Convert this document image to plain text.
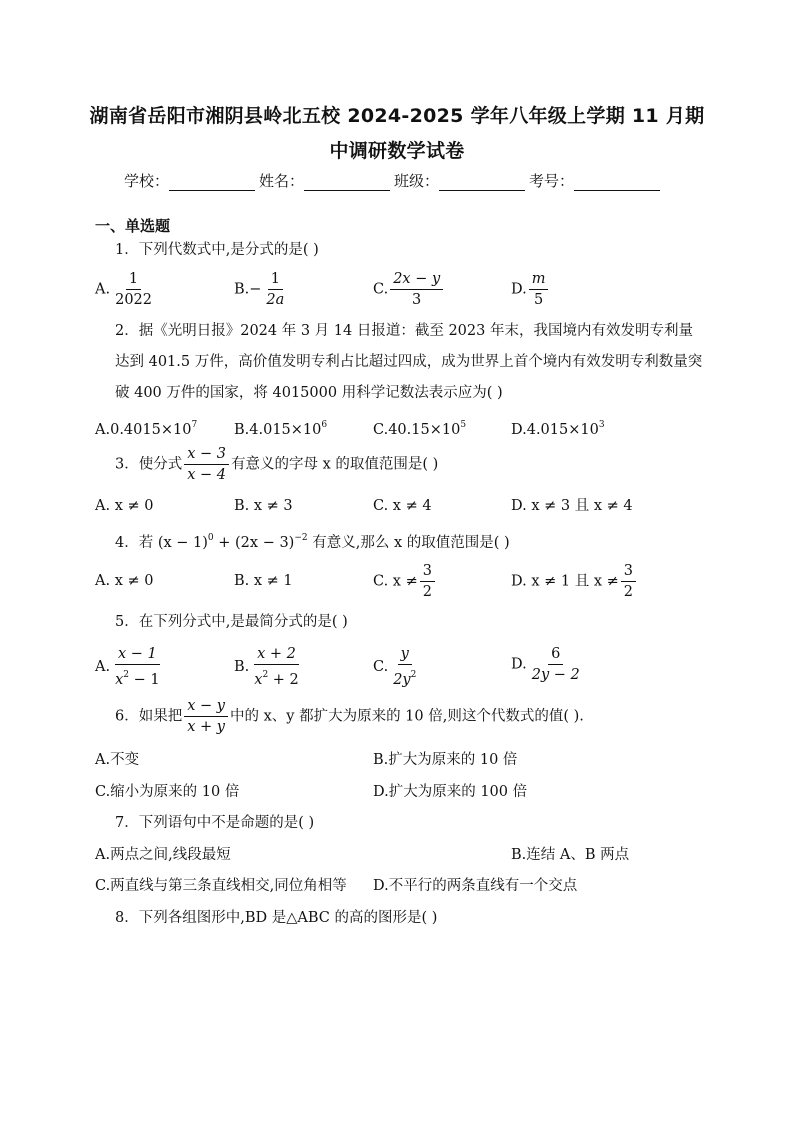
湖南省岳阳市湘阴县岭北五校 2024-2025 学年八年级上学期 11 月期
中调研数学试卷
学校：	姓名：	班级：	考号：
一、单选题
1．下列代数式中,是分式的是( )
A. $\frac{1}{2022}$	$B.- \frac{1}{2a}$	C. $\frac{2x - y}{3}$	D. $\frac{m}{5}$
2．据《光明日报》2024 年 3 月 14 日报道：截至 2023 年末，我国境内有效发明专利量达到 401.5 万件，高价值发明专利占比超过四成，成为世界上首个境内有效发明专利数量突破 400 万件的国家，将 4015000 用科学记数法表示应为( )
$A.0.4015\times 10^7$	$B.4.015\times 10^6$	$C.40.15\times 10^5$	$D.4.015\times 10^3$
3．使分式 $\frac{x - 3}{x - 4}$ 有意义的字母 x 的取值范围是( )
A. x ≠ 0	B. x ≠ 3	C. x ≠ 4	D. x ≠ 3 且 x ≠ 4
4．若 $(x - 1)^0 + (2x - 3)^{-2}$ 有意义,那么 x 的取值范围是( )
A. x ≠ 0	B. x ≠ 1	C. $x \ne \frac{3}{2}$	D. x ≠ 1 且 $x \ne \frac{3}{2}$
5．在下列分式中,是最简分式的是( )
A. $\frac{x - 1}{x^2 - 1}$	B. $\frac{x + 2}{x^2 + 2}$	C. $\frac{y}{2y^2}$	D. $\frac{6}{2y - 2}$
6．如果把 $\frac{x - y}{x + y}$ 中的 x、y 都扩大为原来的 10 倍,则这个代数式的值( ).
A.不变	B.扩大为原来的 10 倍
C.缩小为原来的 10 倍	D.扩大为原来的 100 倍
7．下列语句中不是命题的是( )
A.两点之间,线段最短	B.连结 A、B 两点
C.两直线与第三条直线相交,同位角相等 D.不平行的两条直线有一个交点
8．下列各组图形中,BD 是△ABC 的高的图形是( )
